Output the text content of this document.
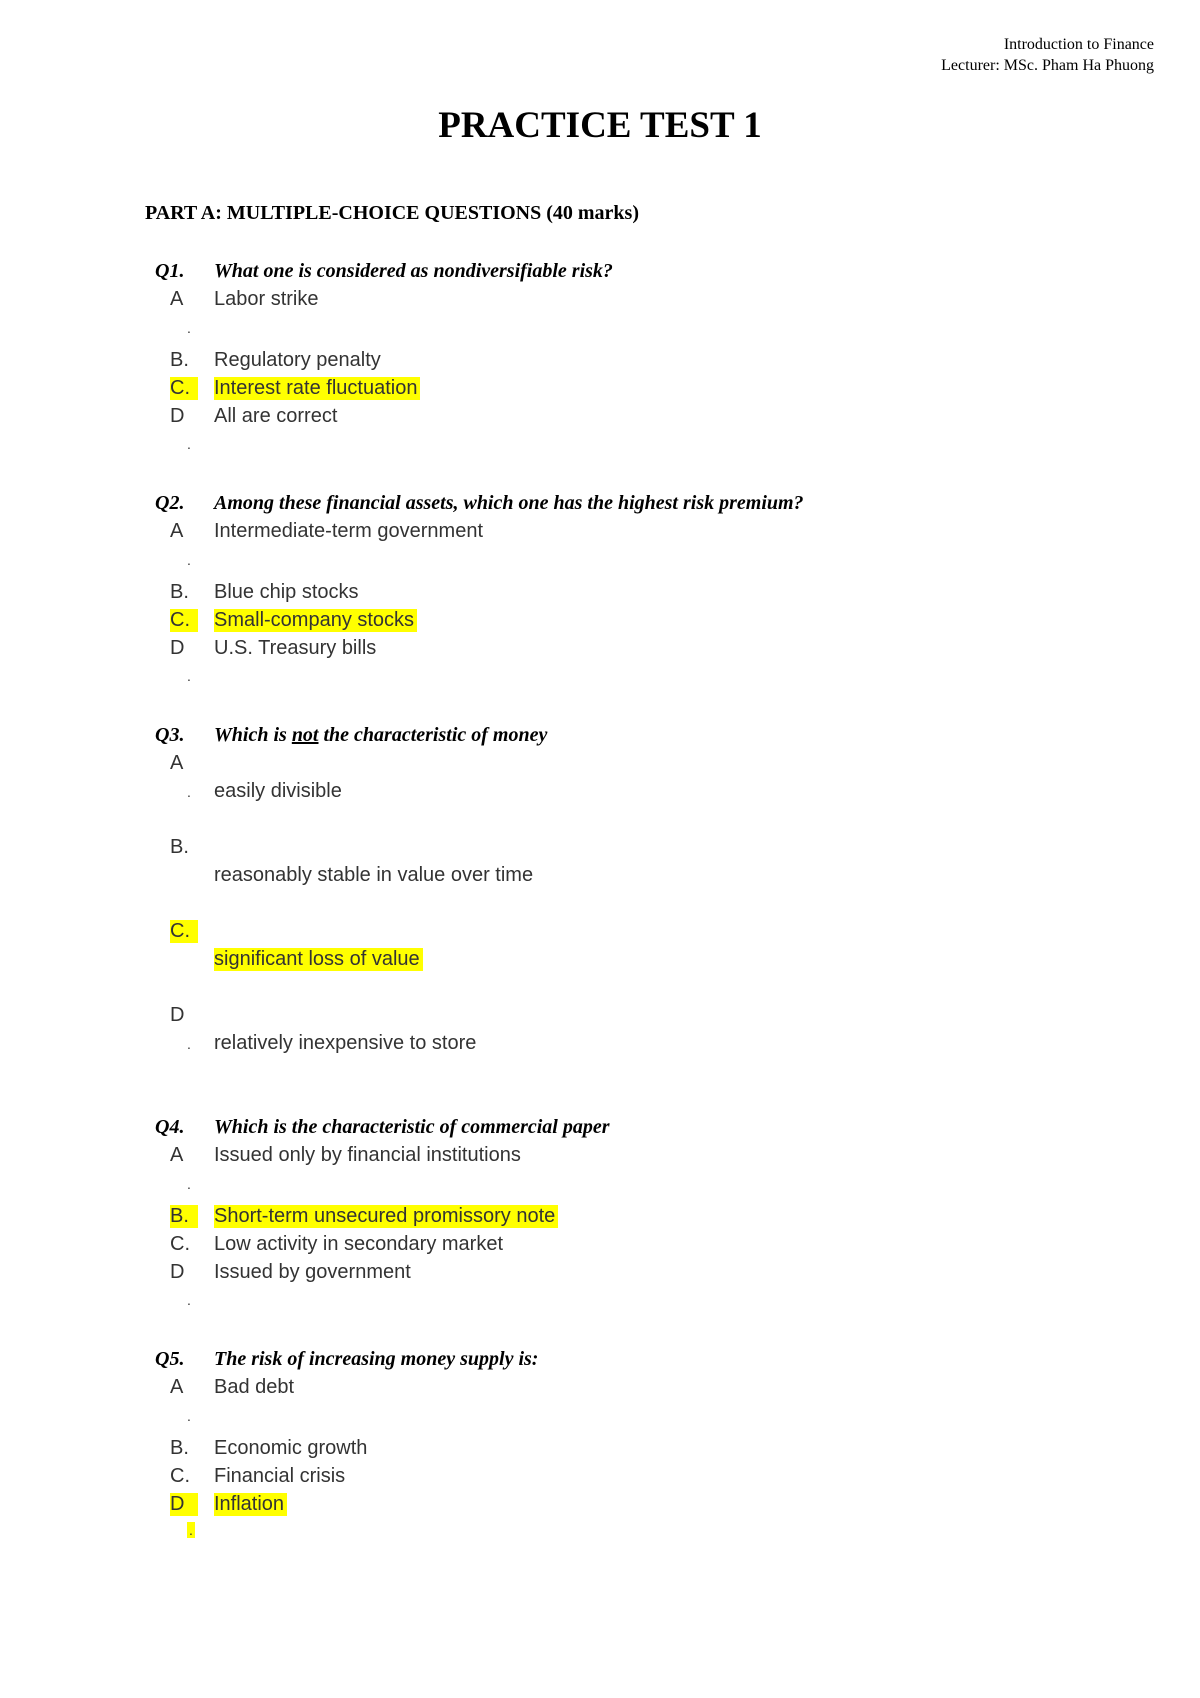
Introduction to Finance
Lecturer: MSc. Pham Ha Phuong
PRACTICE TEST 1
PART A: MULTIPLE-CHOICE QUESTIONS (40 marks)
Q1. What one is considered as nondiversifiable risk?
A	Labor strike
.
B. Regulatory penalty
C.	Interest rate fluctuation
D	All are correct
.
Q2. Among these financial assets, which one has the highest risk premium?
A	Intermediate-term government
.
B. Blue chip stocks
C.	Small-company stocks
D	U.S. Treasury bills
.
Q3. Which is not the characteristic of money
A
. easily divisible
B.
reasonably stable in value over time
C.
significant loss of value
D
. relatively inexpensive to store
Q4. Which is the characteristic of commercial paper
A	Issued only by financial institutions
.
B.	Short-term unsecured promissory note
C. Low activity in secondary market
D	Issued by government
.
Q5. The risk of increasing money supply is:
A	Bad debt
.
B. Economic growth
C. Financial crisis
D	Inflation
.
